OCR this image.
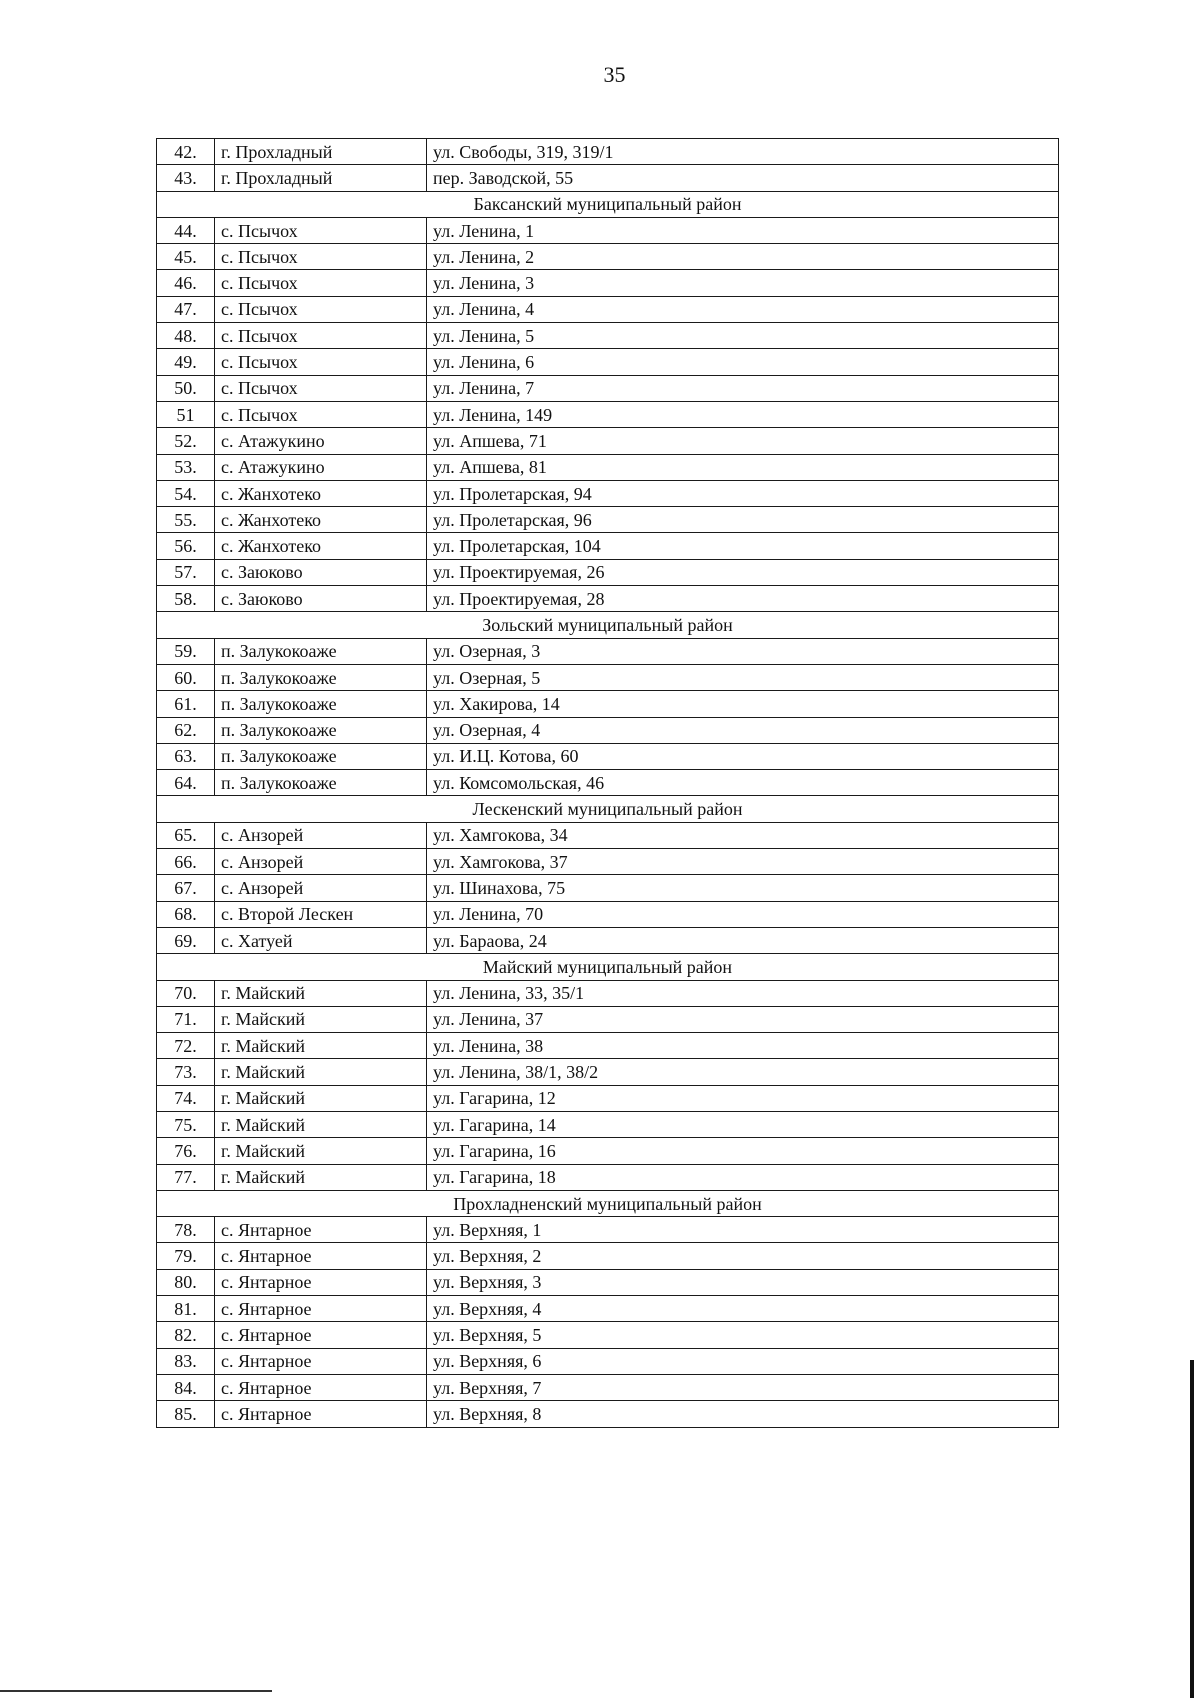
35
42.	г. Прохладный	ул. Свободы, 319, 319/1
43.	г. Прохладный	пер. Заводской, 55
Баксанский муниципальный район		
44.	с. Псычох	ул. Ленина, 1
45.	с. Псычох	ул. Ленина, 2
46.	с. Псычох	ул. Ленина, 3
47.	с. Псычох	ул. Ленина, 4
48.	с. Псычох	ул. Ленина, 5
49.	с. Псычох	ул. Ленина, 6
50.	с. Псычох	ул. Ленина, 7
51	с. Псычох	ул. Ленина, 149
52.	с. Атажукино	ул. Апшева, 71
53.	с. Атажукино	ул. Апшева, 81
54.	с. Жанхотеко	ул. Пролетарская, 94
55.	с. Жанхотеко	ул. Пролетарская, 96
56.	с. Жанхотеко	ул. Пролетарская, 104
57.	с. Заюково	ул. Проектируемая, 26
58.	с. Заюково	ул. Проектируемая, 28
Зольский муниципальный район		
59.	п. Залукокоаже	ул. Озерная, 3
60.	п. Залукокоаже	ул. Озерная, 5
61.	п. Залукокоаже	ул. Хакирова, 14
62.	п. Залукокоаже	ул. Озерная, 4
63.	п. Залукокоаже	ул. И.Ц. Котова, 60
64.	п. Залукокоаже	ул. Комсомольская, 46
Лескенский муниципальный район		
65.	с. Анзорей	ул. Хамгокова, 34
66.	с. Анзорей	ул. Хамгокова, 37
67.	с. Анзорей	ул. Шинахова, 75
68.	с. Второй Лескен	ул. Ленина, 70
69.	с. Хатуей	ул. Бараова, 24
Майский муниципальный район		
70.	г. Майский	ул. Ленина, 33, 35/1
71.	г. Майский	ул. Ленина, 37
72.	г. Майский	ул. Ленина, 38
73.	г. Майский	ул. Ленина, 38/1, 38/2
74.	г. Майский	ул. Гагарина, 12
75.	г. Майский	ул. Гагарина, 14
76.	г. Майский	ул. Гагарина, 16
77.	г. Майский	ул. Гагарина, 18
Прохладненский муниципальный район		
78.	с. Янтарное	ул. Верхняя, 1
79.	с. Янтарное	ул. Верхняя, 2
80.	с. Янтарное	ул. Верхняя, 3
81.	с. Янтарное	ул. Верхняя, 4
82.	с. Янтарное	ул. Верхняя, 5
83.	с. Янтарное	ул. Верхняя, 6
84.	с. Янтарное	ул. Верхняя, 7
85.	с. Янтарное	ул. Верхняя, 8
